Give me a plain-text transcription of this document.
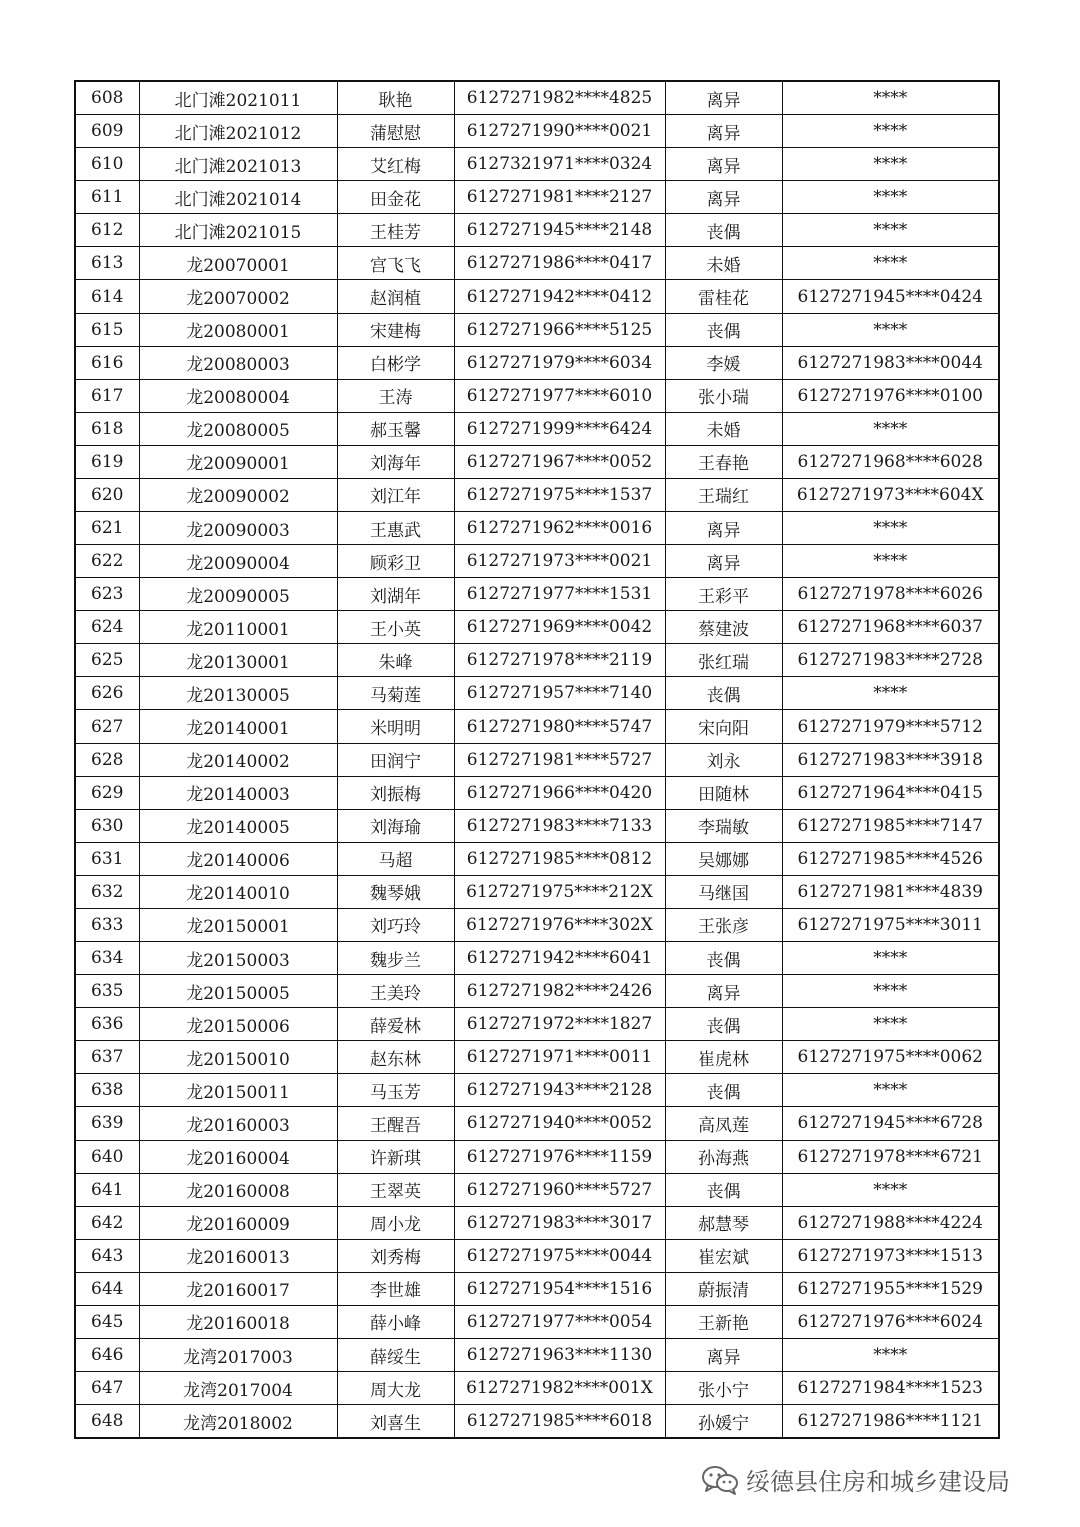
608	北门滩2021011	耿艳	6127271982****4825	离异	****
609	北门滩2021012	蒲慰慰	6127271990****0021	离异	****
610	北门滩2021013	艾红梅	6127321971****0324	离异	****
611	北门滩2021014	田金花	6127271981****2127	离异	****
612	北门滩2021015	王桂芳	6127271945****2148	丧偶	****
613	龙20070001	宫飞飞	6127271986****0417	未婚	****
614	龙20070002	赵润植	6127271942****0412	雷桂花	6127271945****0424
615	龙20080001	宋建梅	6127271966****5125	丧偶	****
616	龙20080003	白彬学	6127271979****6034	李媛	6127271983****0044
617	龙20080004	王涛	6127271977****6010	张小瑞	6127271976****0100
618	龙20080005	郝玉馨	6127271999****6424	未婚	****
619	龙20090001	刘海年	6127271967****0052	王春艳	6127271968****6028
620	龙20090002	刘江年	6127271975****1537	王瑞红	6127271973****604X
621	龙20090003	王惠武	6127271962****0016	离异	****
622	龙20090004	顾彩卫	6127271973****0021	离异	****
623	龙20090005	刘湖年	6127271977****1531	王彩平	6127271978****6026
624	龙20110001	王小英	6127271969****0042	蔡建波	6127271968****6037
625	龙20130001	朱峰	6127271978****2119	张红瑞	6127271983****2728
626	龙20130005	马菊莲	6127271957****7140	丧偶	****
627	龙20140001	米明明	6127271980****5747	宋向阳	6127271979****5712
628	龙20140002	田润宁	6127271981****5727	刘永	6127271983****3918
629	龙20140003	刘振梅	6127271966****0420	田随林	6127271964****0415
630	龙20140005	刘海瑜	6127271983****7133	李瑞敏	6127271985****7147
631	龙20140006	马超	6127271985****0812	吴娜娜	6127271985****4526
632	龙20140010	魏琴娥	6127271975****212X	马继国	6127271981****4839
633	龙20150001	刘巧玲	6127271976****302X	王张彦	6127271975****3011
634	龙20150003	魏步兰	6127271942****6041	丧偶	****
635	龙20150005	王美玲	6127271982****2426	离异	****
636	龙20150006	薛爱林	6127271972****1827	丧偶	****
637	龙20150010	赵东林	6127271971****0011	崔虎林	6127271975****0062
638	龙20150011	马玉芳	6127271943****2128	丧偶	****
639	龙20160003	王醒吾	6127271940****0052	高凤莲	6127271945****6728
640	龙20160004	许新琪	6127271976****1159	孙海燕	6127271978****6721
641	龙20160008	王翠英	6127271960****5727	丧偶	****
642	龙20160009	周小龙	6127271983****3017	郝慧琴	6127271988****4224
643	龙20160013	刘秀梅	6127271975****0044	崔宏斌	6127271973****1513
644	龙20160017	李世雄	6127271954****1516	蔚振清	6127271955****1529
645	龙20160018	薛小峰	6127271977****0054	王新艳	6127271976****6024
646	龙湾2017003	薛绥生	6127271963****1130	离异	****
647	龙湾2017004	周大龙	6127271982****001X	张小宁	6127271984****1523
648	龙湾2018002	刘喜生	6127271985****6018	孙媛宁	6127271986****1121
绥德县住房和城乡建设局
